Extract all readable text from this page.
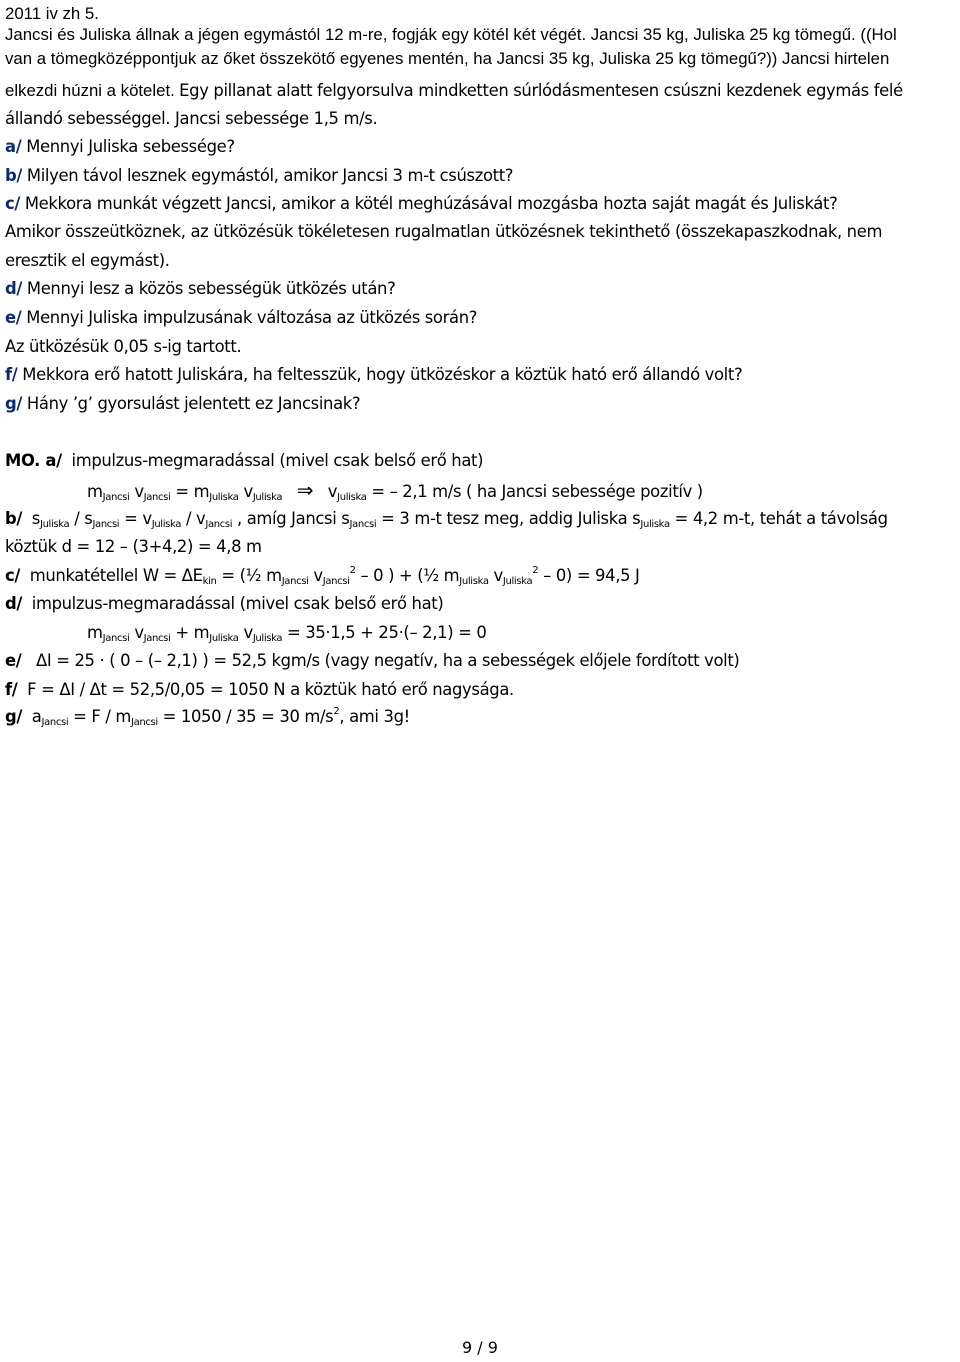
2011 iv zh 5.
Jancsi és Juliska állnak a jégen egymástól 12 m-re, fogják egy kötél két végét. Jancsi 35 kg, Juliska 25 kg tömegű. ((Hol
van a tömegközéppontjuk az őket összekötő egyenes mentén, ha Jancsi 35 kg, Juliska 25 kg tömegű?)) Jancsi hirtelen
elkezdi húzni a kötelet. Egy pillanat alatt felgyorsulva mindketten súrlódásmentesen csúszni kezdenek egymás felé
állandó sebességgel. Jancsi sebessége 1,5 m/s.
a/ Mennyi Juliska sebessége?
b/ Milyen távol lesznek egymástól, amikor Jancsi 3 m-t csúszott?
c/ Mekkora munkát végzett Jancsi, amikor a kötél meghúzásával mozgásba hozta saját magát és Juliskát?
Amikor összeütköznek, az ütközésük tökéletesen rugalmatlan ütközésnek tekinthető (összekapaszkodnak, nem
eresztik el egymást).
d/ Mennyi lesz a közös sebességük ütközés után?
e/ Mennyi Juliska impulzusának változása az ütközés során?
Az ütközésük 0,05 s-ig tartott.
f/ Mekkora erő hatott Juliskára, ha feltesszük, hogy ütközéskor a köztük ható erő állandó volt?
g/ Hány ’g’ gyorsulást jelentett ez Jancsinak?
MO. a/ impulzus-megmaradással (mivel csak belső erő hat)
$m_{Jancsi}$ $v_{Jancsi} = m_{Juliska}$ $v_{Juliska}$ ⇒ $v_{Juliska}$ = – 2,1 m/s ( ha Jancsi sebessége pozitív )
b/ $s_{Juliska} / s_{Jancsi} = v_{Juliska} / v_{Jancsi}$ , amíg Jancsi $s_{Jancsi} = 3$ m-t tesz meg, addig Juliska $s_{Juliska} = 4,2$ m-t, tehát a távolság
köztük d = 12 – (3+4,2) = 4,8 m
c/ munkatétellel $W = \Delta E_{kin}$ = (½ $m_{Jancsi}$ $v_{Jancsi}^2 - 0$ ) + (½ $m_{Juliska}$ $v_{Juliska}^2 - 0) = 94,5$ J
d/ impulzus-megmaradással (mivel csak belső erő hat)
$m_{Jancsi}$ $v_{Jancsi} + m_{Juliska}$ $v_{Juliska} = 35\cdot 1,5 + 25\cdot(-$ 2,1) = 0
e/ ΔI = 25 · ( 0 – (– 2,1) ) = 52,5 kgm/s (vagy negatív, ha a sebességek előjele fordított volt)
f/ F = ΔI / Δt = 52,5/0,05 = 1050 N a köztük ható erő nagysága.
g/ $a_{Jancsi} = F / m_{Jancsi} = 1050 / 35 = 30$ $m/s^2$, ami 3g!
9 / 9
